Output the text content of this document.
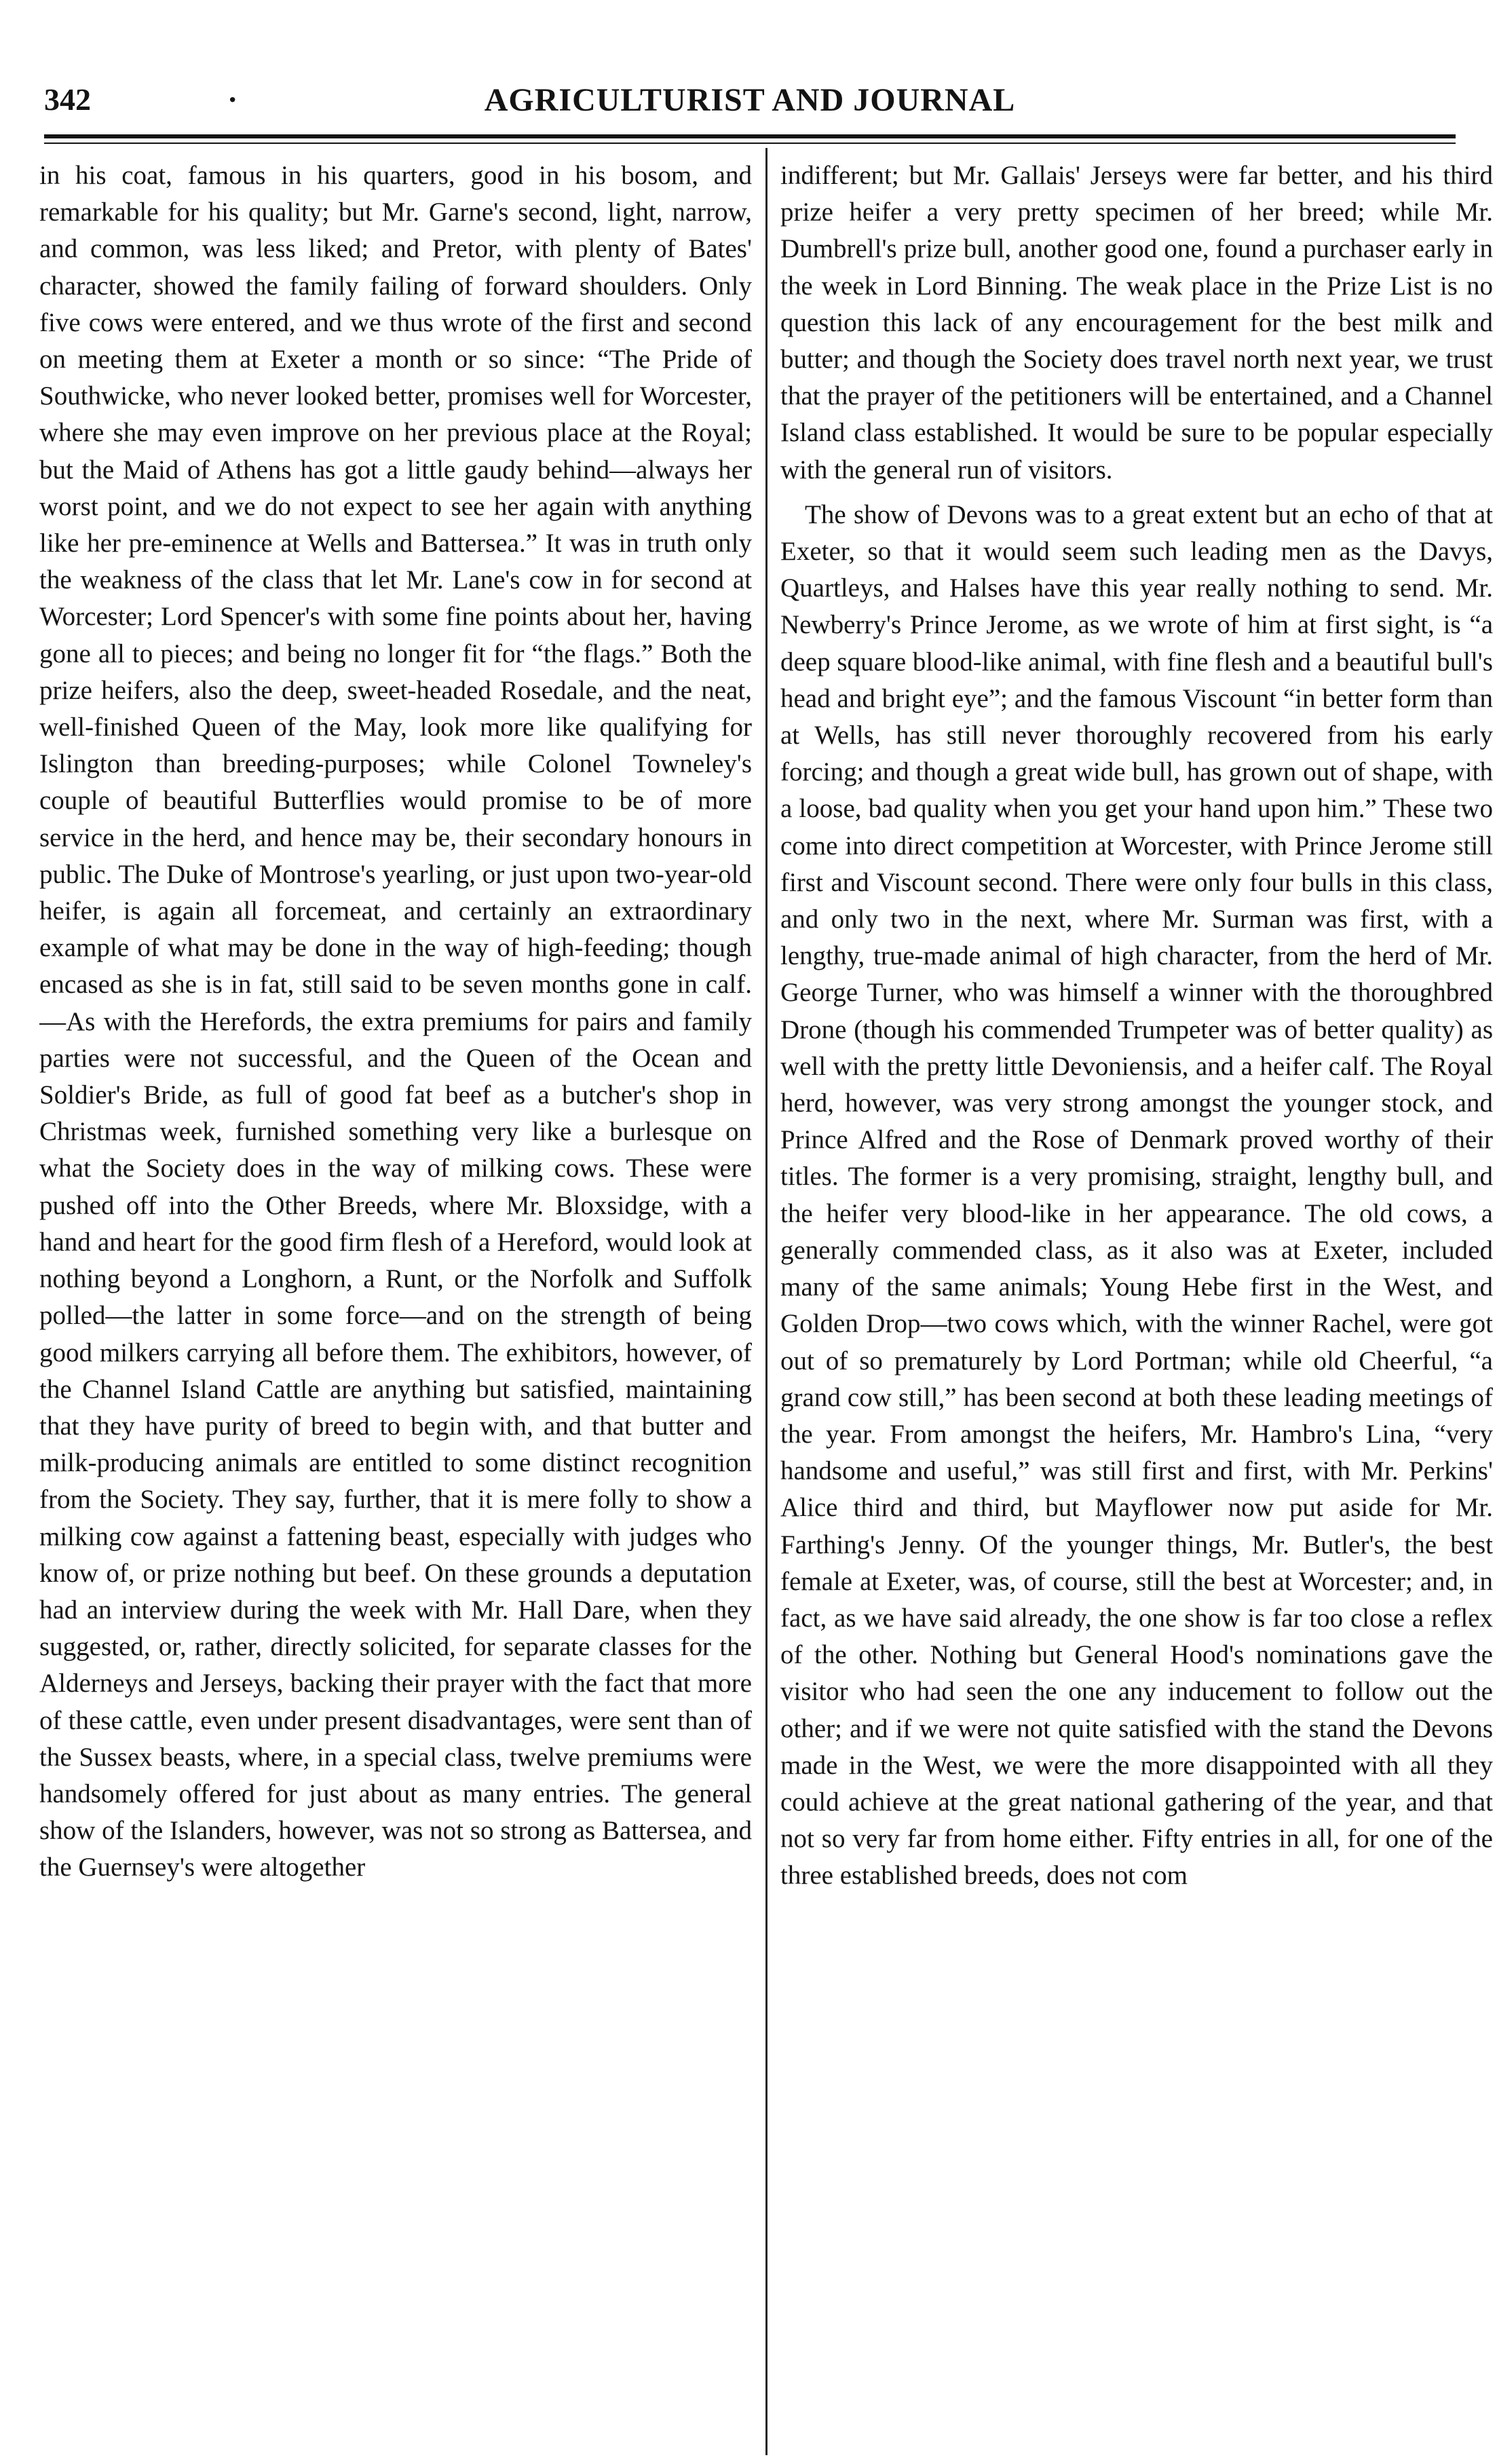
342	·	AGRICULTURIST AND JOURNAL

in his coat, famous in his quarters, good in his bosom, and remarkable for his quality; but Mr. Garne's second, light, narrow, and common, was less liked; and Pretor, with plenty of Bates' character, showed the family failing of forward shoulders. Only five cows were entered, and we thus wrote of the first and second on meeting them at Exeter a month or so since: “The Pride of Southwicke, who never looked better, promises well for Worcester, where she may even improve on her previous place at the Royal; but the Maid of Athens has got a little gaudy behind—always her worst point, and we do not expect to see her again with anything like her pre-eminence at Wells and Battersea.” It was in truth only the weakness of the class that let Mr. Lane's cow in for second at Worcester; Lord Spencer's with some fine points about her, having gone all to pieces; and being no longer fit for “the flags.” Both the prize heifers, also the deep, sweet-headed Rosedale, and the neat, well-finished Queen of the May, look more like qualifying for Islington than breeding-purposes; while Colonel Towneley's couple of beautiful Butterflies would promise to be of more service in the herd, and hence may be, their secondary honours in public. The Duke of Montrose's yearling, or just upon two-year-old heifer, is again all forcemeat, and certainly an extraordinary example of what may be done in the way of high-feeding; though encased as she is in fat, still said to be seven months gone in calf.—As with the Herefords, the extra premiums for pairs and family parties were not successful, and the Queen of the Ocean and Soldier's Bride, as full of good fat beef as a butcher's shop in Christmas week, furnished something very like a burlesque on what the Society does in the way of milking cows. These were pushed off into the Other Breeds, where Mr. Bloxsidge, with a hand and heart for the good firm flesh of a Hereford, would look at nothing beyond a Longhorn, a Runt, or the Norfolk and Suffolk polled—the latter in some force—and on the strength of being good milkers carrying all before them. The exhibitors, however, of the Channel Island Cattle are anything but satisfied, maintaining that they have purity of breed to begin with, and that butter and milk-producing animals are entitled to some distinct recognition from the Society. They say, further, that it is mere folly to show a milking cow against a fattening beast, especially with judges who know of, or prize nothing but beef. On these grounds a deputation had an interview during the week with Mr. Hall Dare, when they suggested, or, rather, directly solicited, for separate classes for the Alderneys and Jerseys, backing their prayer with the fact that more of these cattle, even under present disadvantages, were sent than of the Sussex beasts, where, in a special class, twelve premiums were handsomely offered for just about as many entries. The general show of the Islanders, however, was not so strong as Battersea, and the Guernsey's were altogether

indifferent; but Mr. Gallais' Jerseys were far better, and his third prize heifer a very pretty specimen of her breed; while Mr. Dumbrell's prize bull, another good one, found a purchaser early in the week in Lord Binning. The weak place in the Prize List is no question this lack of any encouragement for the best milk and butter; and though the Society does travel north next year, we trust that the prayer of the petitioners will be entertained, and a Channel Island class established. It would be sure to be popular especially with the general run of visitors.

The show of Devons was to a great extent but an echo of that at Exeter, so that it would seem such leading men as the Davys, Quartleys, and Halses have this year really nothing to send. Mr. Newberry's Prince Jerome, as we wrote of him at first sight, is “a deep square blood-like animal, with fine flesh and a beautiful bull's head and bright eye”; and the famous Viscount “in better form than at Wells, has still never thoroughly recovered from his early forcing; and though a great wide bull, has grown out of shape, with a loose, bad quality when you get your hand upon him.” These two come into direct competition at Worcester, with Prince Jerome still first and Viscount second. There were only four bulls in this class, and only two in the next, where Mr. Surman was first, with a lengthy, true-made animal of high character, from the herd of Mr. George Turner, who was himself a winner with the thoroughbred Drone (though his commended Trumpeter was of better quality) as well with the pretty little Devoniensis, and a heifer calf. The Royal herd, however, was very strong amongst the younger stock, and Prince Alfred and the Rose of Denmark proved worthy of their titles. The former is a very promising, straight, lengthy bull, and the heifer very blood-like in her appearance. The old cows, a generally commended class, as it also was at Exeter, included many of the same animals; Young Hebe first in the West, and Golden Drop—two cows which, with the winner Rachel, were got out of so prematurely by Lord Portman; while old Cheerful, “a grand cow still,” has been second at both these leading meetings of the year. From amongst the heifers, Mr. Hambro's Lina, “very handsome and useful,” was still first and first, with Mr. Perkins' Alice third and third, but Mayflower now put aside for Mr. Farthing's Jenny. Of the younger things, Mr. Butler's, the best female at Exeter, was, of course, still the best at Worcester; and, in fact, as we have said already, the one show is far too close a reflex of the other. Nothing but General Hood's nominations gave the visitor who had seen the one any inducement to follow out the other; and if we were not quite satisfied with the stand the Devons made in the West, we were the more disappointed with all they could achieve at the great national gathering of the year, and that not so very far from home either. Fifty entries in all, for one of the three established breeds, does not com
